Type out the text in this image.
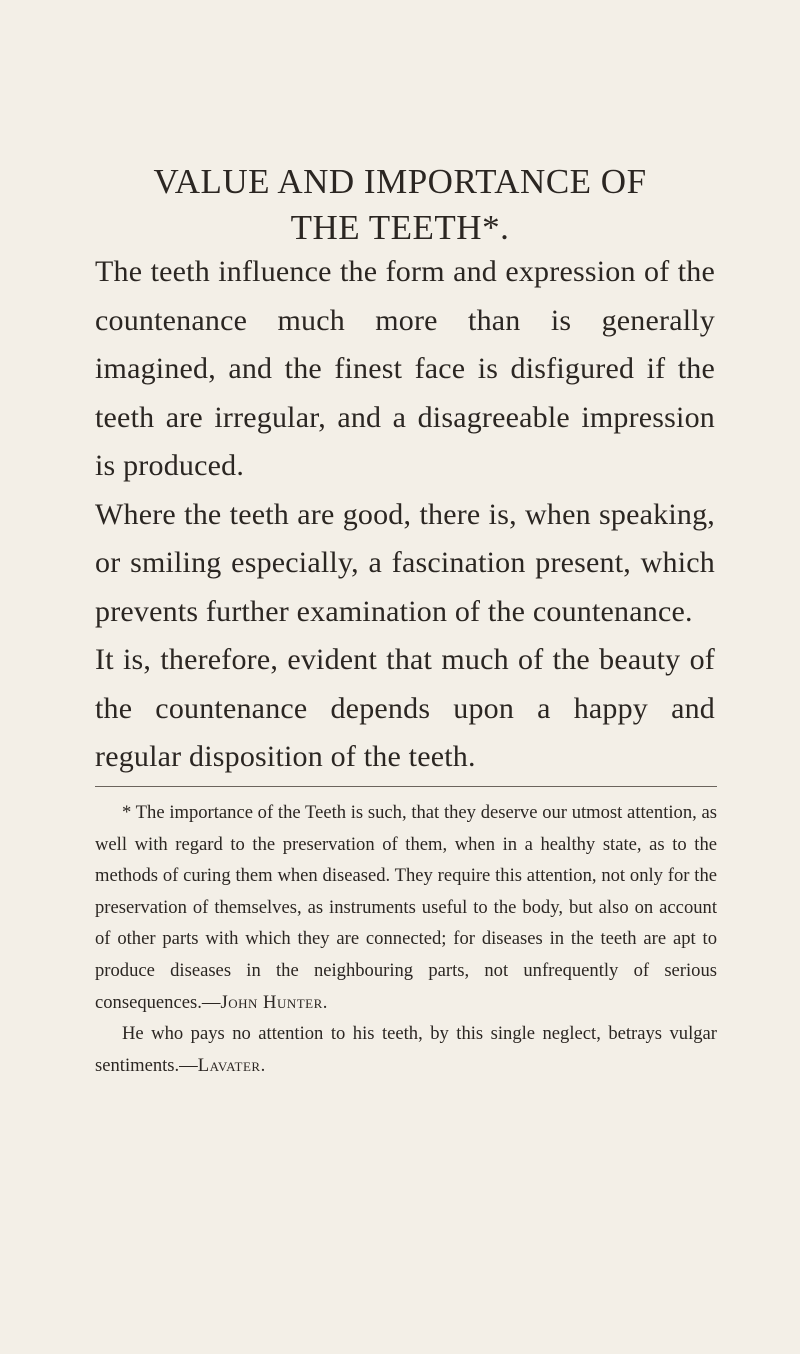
VALUE AND IMPORTANCE OF
THE TEETH*.

The teeth influence the form and expression of the countenance much more than is generally imagined, and the finest face is disfigured if the teeth are irregular, and a disagreeable impression is produced.

Where the teeth are good, there is, when speaking, or smiling especially, a fascination present, which prevents further examination of the countenance.

It is, therefore, evident that much of the beauty of the countenance depends upon a happy and regular disposition of the teeth.

* The importance of the Teeth is such, that they deserve our utmost attention, as well with regard to the preservation of them, when in a healthy state, as to the methods of curing them when diseased. They require this attention, not only for the preservation of themselves, as instruments useful to the body, but also on account of other parts with which they are connected; for diseases in the teeth are apt to produce diseases in the neighbouring parts, not unfrequently of serious consequences.—John Hunter.

He who pays no attention to his teeth, by this single neglect, betrays vulgar sentiments.—Lavater.
